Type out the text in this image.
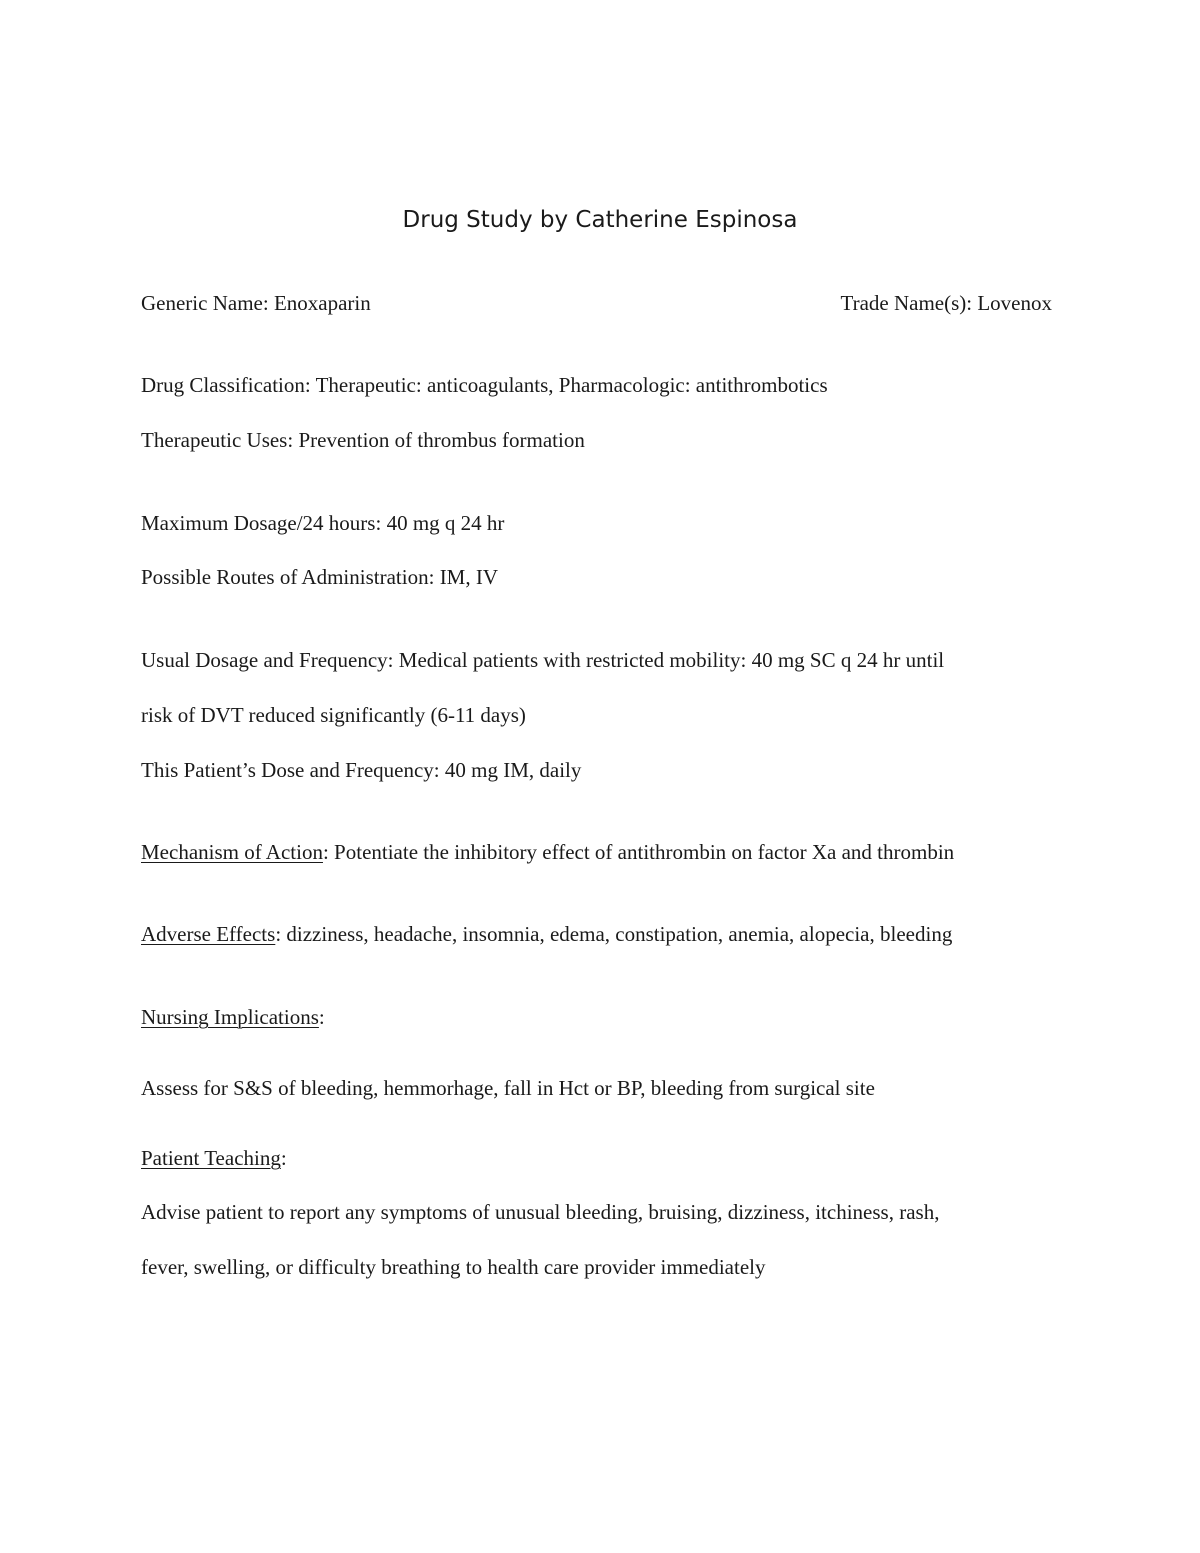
Drug Study by Catherine Espinosa
Generic Name: Enoxaparin	Trade Name(s): Lovenox
Drug Classification: Therapeutic: anticoagulants, Pharmacologic: antithrombotics
Therapeutic Uses: Prevention of thrombus formation
Maximum Dosage/24 hours: 40 mg q 24 hr
Possible Routes of Administration: IM, IV
Usual Dosage and Frequency: Medical patients with restricted mobility: 40 mg SC q 24 hr until
risk of DVT reduced significantly (6-11 days)
This Patient’s Dose and Frequency: 40 mg IM, daily
Mechanism of Action: Potentiate the inhibitory effect of antithrombin on factor Xa and thrombin
Adverse Effects: dizziness, headache, insomnia, edema, constipation, anemia, alopecia, bleeding
Nursing Implications:
Assess for S&S of bleeding, hemmorhage, fall in Hct or BP, bleeding from surgical site
Patient Teaching:
Advise patient to report any symptoms of unusual bleeding, bruising, dizziness, itchiness, rash,
fever, swelling, or difficulty breathing to health care provider immediately
